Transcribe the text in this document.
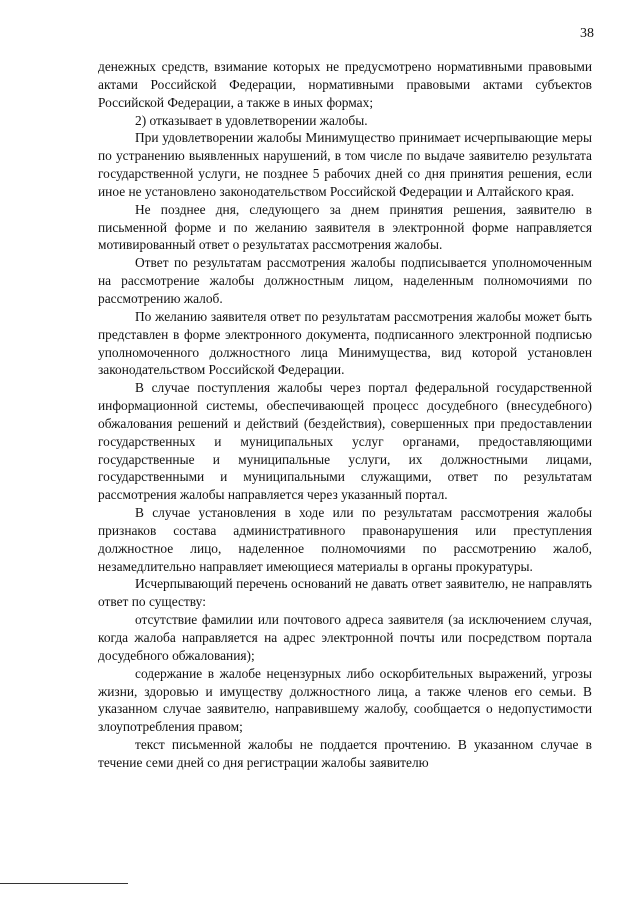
38

денежных средств, взимание которых не предусмотрено нормативными правовыми актами Российской Федерации, нормативными правовыми актами субъектов Российской Федерации, а также в иных формах;

2) отказывает в удовлетворении жалобы.

При удовлетворении жалобы Минимущество принимает исчерпывающие меры по устранению выявленных нарушений, в том числе по выдаче заявителю результата государственной услуги, не позднее 5 рабочих дней со дня принятия решения, если иное не установлено законодательством Российской Федерации и Алтайского края.

Не позднее дня, следующего за днем принятия решения, заявителю в письменной форме и по желанию заявителя в электронной форме направляется мотивированный ответ о результатах рассмотрения жалобы.

Ответ по результатам рассмотрения жалобы подписывается уполномоченным на рассмотрение жалобы должностным лицом, наделенным полномочиями по рассмотрению жалоб.

По желанию заявителя ответ по результатам рассмотрения жалобы может быть представлен в форме электронного документа, подписанного электронной подписью уполномоченного должностного лица Минимущества, вид которой установлен законодательством Российской Федерации.

В случае поступления жалобы через портал федеральной государственной информационной системы, обеспечивающей процесс досудебного (внесудебного) обжалования решений и действий (бездействия), совершенных при предоставлении государственных и муниципальных услуг органами, предоставляющими государственные и муниципальные услуги, их должностными лицами, государственными и муниципальными служащими, ответ по результатам рассмотрения жалобы направляется через указанный портал.

В случае установления в ходе или по результатам рассмотрения жалобы признаков состава административного правонарушения или преступления должностное лицо, наделенное полномочиями по рассмотрению жалоб, незамедлительно направляет имеющиеся материалы в органы прокуратуры.

Исчерпывающий перечень оснований не давать ответ заявителю, не направлять ответ по существу:

отсутствие фамилии или почтового адреса заявителя (за исключением случая, когда жалоба направляется на адрес электронной почты или посредством портала досудебного обжалования);

содержание в жалобе нецензурных либо оскорбительных выражений, угрозы жизни, здоровью и имуществу должностного лица, а также членов его семьи. В указанном случае заявителю, направившему жалобу, сообщается о недопустимости злоупотребления правом;

текст письменной жалобы не поддается прочтению. В указанном случае в течение семи дней со дня регистрации жалобы заявителю
